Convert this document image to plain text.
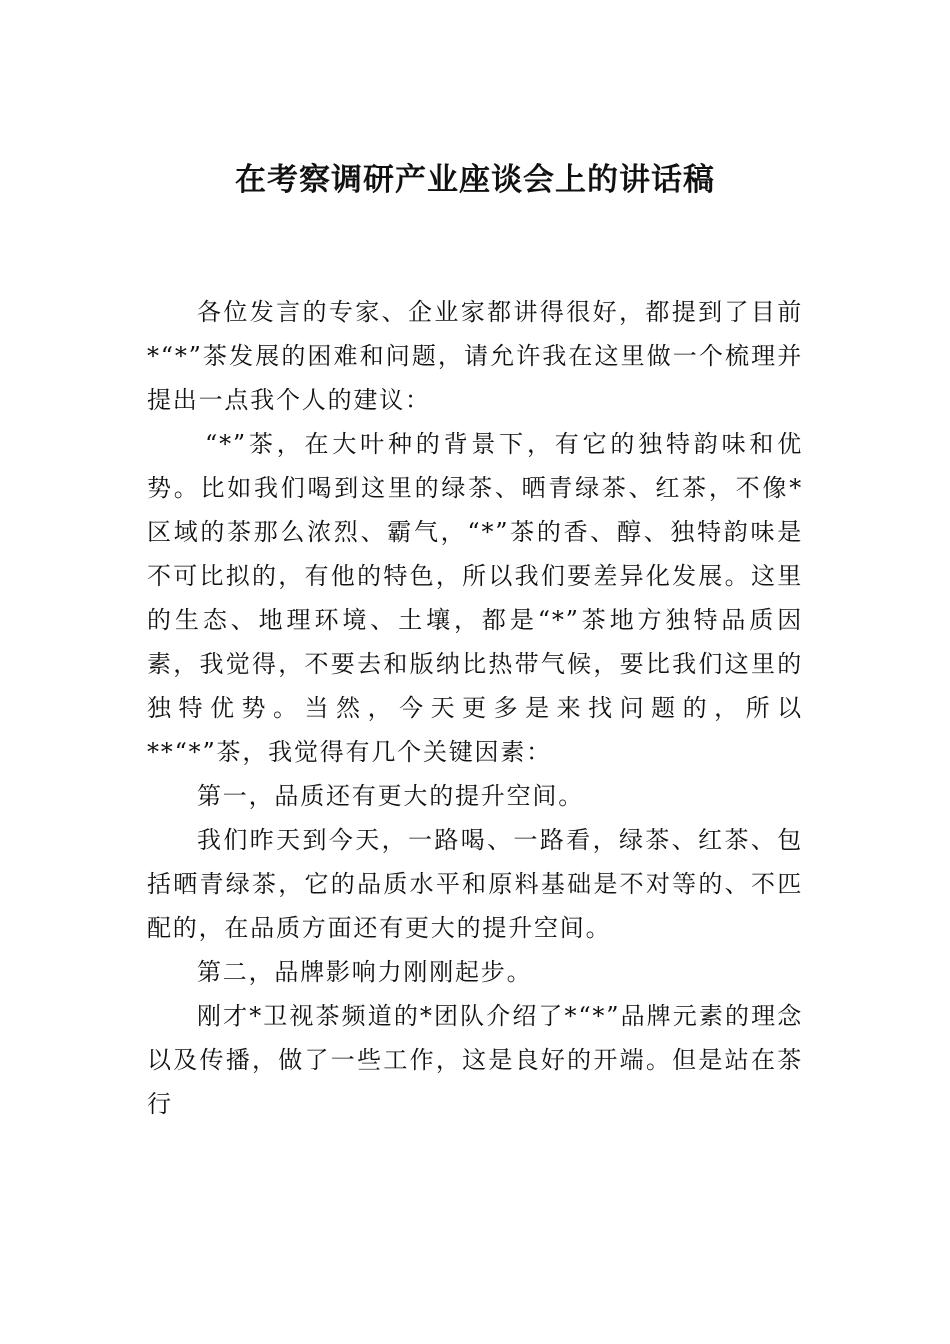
在考察调研产业座谈会上的讲话稿

各位发言的专家、企业家都讲得很好，都提到了目前*“*”茶发展的困难和问题，请允许我在这里做一个梳理并提出一点我个人的建议：

“*”茶，在大叶种的背景下，有它的独特韵味和优势。比如我们喝到这里的绿茶、晒青绿茶、红茶，不像*区域的茶那么浓烈、霸气，“*”茶的香、醇、独特韵味是不可比拟的，有他的特色，所以我们要差异化发展。这里的生态、地理环境、土壤，都是“*”茶地方独特品质因素，我觉得，不要去和版纳比热带气候，要比我们这里的独特优势。当然，今天更多是来找问题的，所以**“*”茶，我觉得有几个关键因素：

第一，品质还有更大的提升空间。

我们昨天到今天，一路喝、一路看，绿茶、红茶、包括晒青绿茶，它的品质水平和原料基础是不对等的、不匹配的，在品质方面还有更大的提升空间。

第二，品牌影响力刚刚起步。

刚才*卫视茶频道的*团队介绍了*“*”品牌元素的理念以及传播，做了一些工作，这是良好的开端。但是站在茶行
